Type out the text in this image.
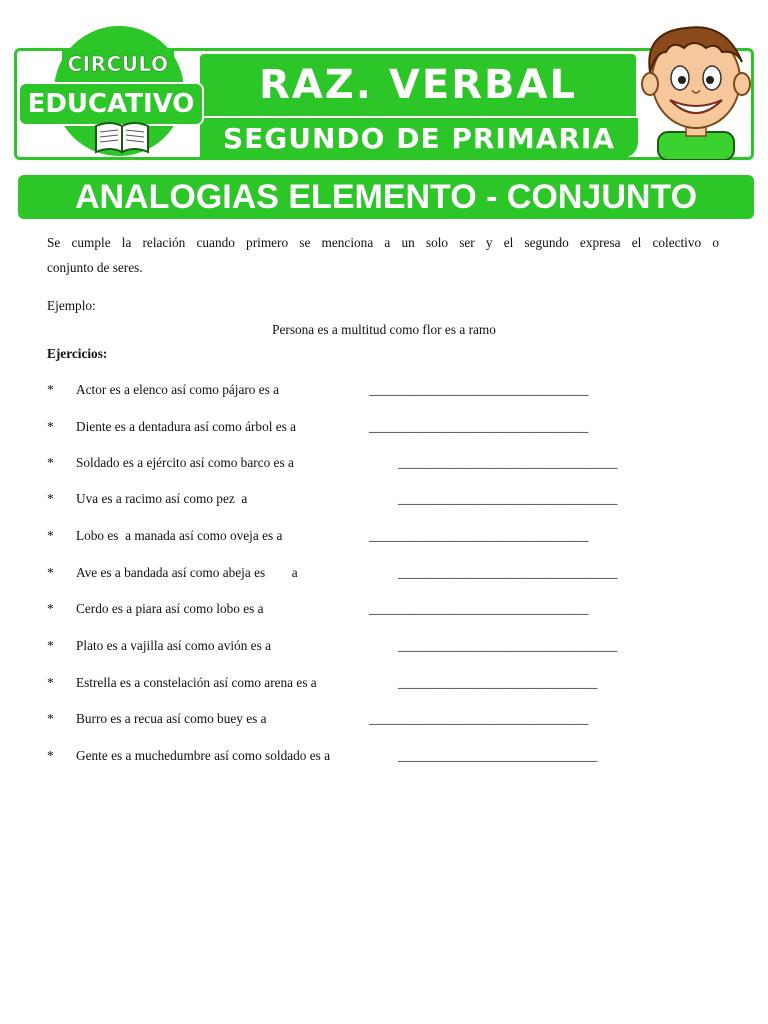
RAZ. VERBAL
SEGUNDO DE PRIMARIA
CIRCULO
EDUCATIVO
ANALOGIAS ELEMENTO - CONJUNTO
Se cumple la relación cuando primero se menciona a un solo ser y el segundo expresa el colectivo o
conjunto de seres.
Ejemplo:
Persona es a multitud como flor es a ramo
Ejercicios:
* Actor es a elenco así como pájaro es a	_________________________________
* Diente es a dentadura así como árbol es a	_________________________________
* Soldado es a ejército así como barco es a	_________________________________
* Uva es a racimo así como pez  a	_________________________________
* Lobo es  a manada así como oveja es a	_________________________________
* Ave es a bandada así como abeja es        a	_________________________________
* Cerdo es a piara así como lobo es a	_________________________________
* Plato es a vajilla así como avión es a	_________________________________
* Estrella es a constelación así como arena es a	______________________________
* Burro es a recua así como buey es a	_________________________________
* Gente es a muchedumbre así como soldado es a	______________________________
